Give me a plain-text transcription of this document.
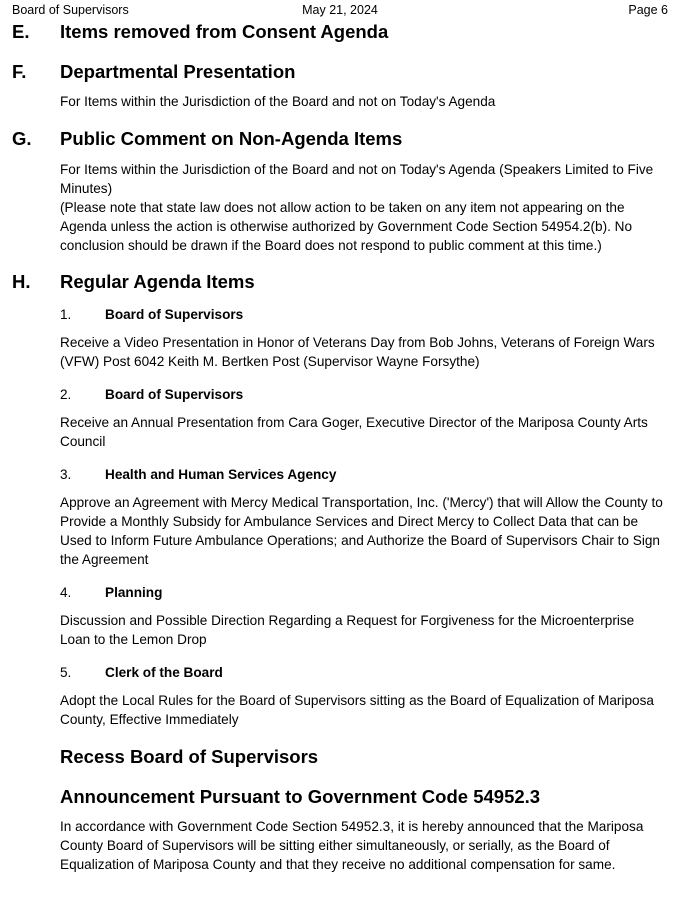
Board of Supervisors	May 21, 2024	Page 6
E.	Items removed from Consent Agenda
F.	Departmental Presentation

For Items within the Jurisdiction of the Board and not on Today's Agenda

G.	Public Comment on Non-Agenda Items

For Items within the Jurisdiction of the Board and not on Today's Agenda (Speakers Limited to Five Minutes)

(Please note that state law does not allow action to be taken on any item not appearing on the Agenda unless the action is otherwise authorized by Government Code Section 54954.2(b). No conclusion should be drawn if the Board does not respond to public comment at this time.)

H.	Regular Agenda Items
1.	Board of Supervisors

Receive a Video Presentation in Honor of Veterans Day from Bob Johns, Veterans of Foreign Wars (VFW) Post 6042 Keith M. Bertken Post (Supervisor Wayne Forsythe)

2.	Board of Supervisors

Receive an Annual Presentation from Cara Goger, Executive Director of the Mariposa County Arts Council

3.	Health and Human Services Agency

Approve an Agreement with Mercy Medical Transportation, Inc. ('Mercy') that will Allow the County to Provide a Monthly Subsidy for Ambulance Services and Direct Mercy to Collect Data that can be Used to Inform Future Ambulance Operations; and Authorize the Board of Supervisors Chair to Sign the Agreement

4.	Planning

Discussion and Possible Direction Regarding a Request for Forgiveness for the Microenterprise Loan to the Lemon Drop

5.	Clerk of the Board

Adopt the Local Rules for the Board of Supervisors sitting as the Board of Equalization of Mariposa County, Effective Immediately

Recess Board of Supervisors
Announcement Pursuant to Government Code 54952.3

In accordance with Government Code Section 54952.3, it is hereby announced that the Mariposa County Board of Supervisors will be sitting either simultaneously, or serially, as the Board of Equalization of Mariposa County and that they receive no additional compensation for same.
